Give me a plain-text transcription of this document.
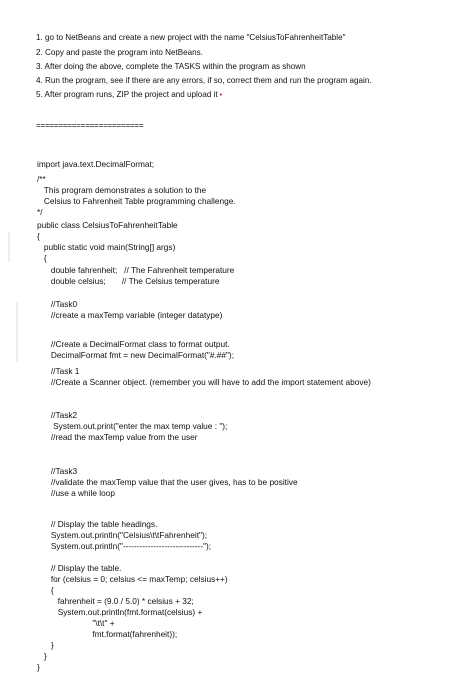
1. go to NetBeans and create a new project with the name "CelsiusToFahrenheitTable"
2. Copy and paste the program into NetBeans.
3. After doing the above, complete the TASKS within the program as shown
4. Run the program, see if there are any errors, if so, correct them and run the program again.
5. After program runs, ZIP the project and upload it •
========================
import java.text.DecimalFormat;
/**
This program demonstrates a solution to the
Celsius to Fahrenheit Table programming challenge.
*/
public class CelsiusToFahrenheitTable
{
public static void main(String[] args)
{
double fahrenheit;   // The Fahrenheit temperature
double celsius;       // The Celsius temperature
//Task0
//create a maxTemp variable (integer datatype)
//Create a DecimalFormat class to format output.
DecimalFormat fmt = new DecimalFormat("#.##");
//Task 1
//Create a Scanner object. (remember you will have to add the import statement above)
//Task2
System.out.print("enter the max temp value : ");
//read the maxTemp value from the user
//Task3
//validate the maxTemp value that the user gives, has to be positive
//use a while loop
// Display the table headings.
System.out.println("Celsius\t\tFahrenheit");
System.out.println("-----------------------------");
// Display the table.
for (celsius = 0; celsius <= maxTemp; celsius++)
{
fahrenheit = (9.0 / 5.0) * celsius + 32;
System.out.println(fmt.format(celsius) +
"\t\t" +
fmt.format(fahrenheit));
}
}
}
